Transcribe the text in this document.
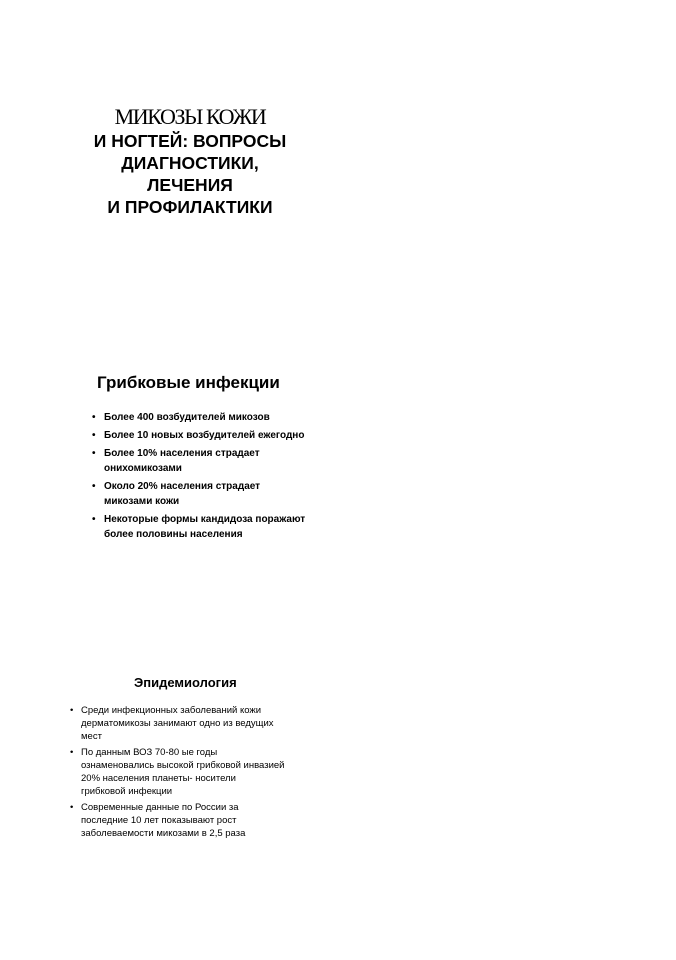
МИКОЗЫ КОЖИ
И НОГТЕЙ: ВОПРОСЫ
ДИАГНОСТИКИ,
ЛЕЧЕНИЯ
И ПРОФИЛАКТИКИ
Грибковые инфекции
• Более 400 возбудителей микозов
• Более 10 новых возбудителей ежегодно
• Более 10% населения страдает
онихомикозами
• Около 20% населения страдает
микозами кожи
• Некоторые формы кандидоза поражают
более половины населения
Эпидемиология
• Среди инфекционных заболеваний кожи
дерматомикозы занимают одно из ведущих
мест
• По данным ВОЗ 70-80 ые годы
ознаменовались высокой грибковой инвазией
20% населения планеты- носители
грибковой инфекции
• Современные данные по России за
последние 10 лет показывают рост
заболеваемости микозами в 2,5 раза
